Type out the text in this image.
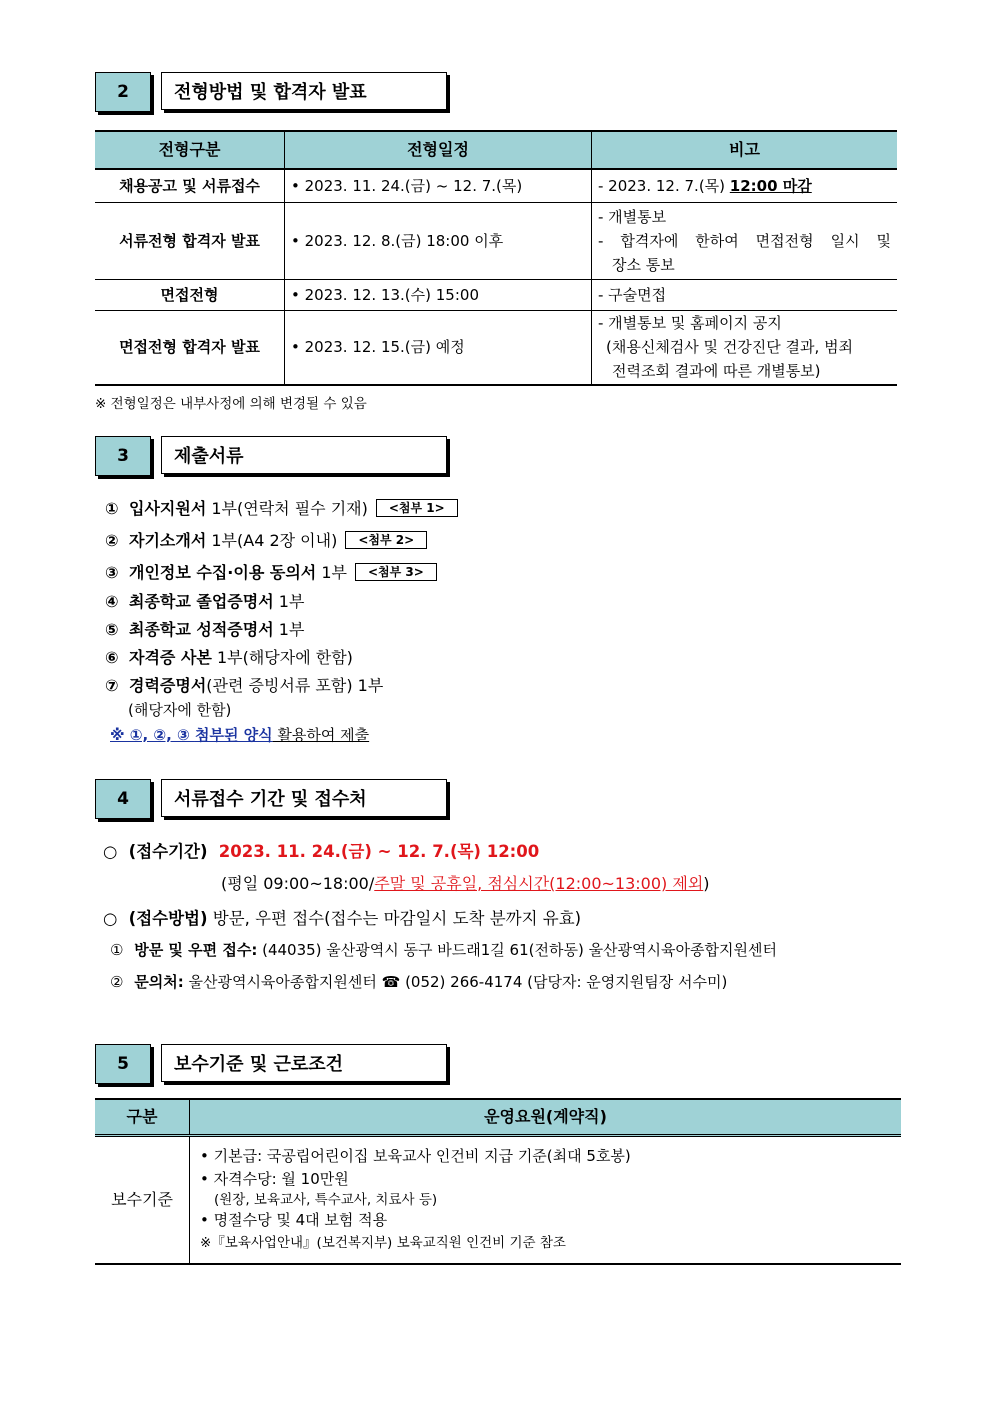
2	전형방법 및 합격자 발표
전형구분	전형일정	비고
채용공고 및 서류접수	• 2023. 11. 24.(금) ~ 12. 7.(목)	- 2023. 12. 7.(목) 12:00 마감
서류전형 합격자 발표	• 2023. 12. 8.(금) 18:00 이후	- 개별통보

- 합격자에 한하여 면접전형 일시 및

장소 통보

면접전형	• 2023. 12. 13.(수) 15:00	- 구술면접

면접전형 합격자 발표	• 2023. 12. 15.(금) 예정	- 개별통보 및 홈페이지 공지

(채용신체검사 및 건강진단 결과, 범죄

전력조회 결과에 따른 개별통보)

※ 전형일정은 내부사정에 의해 변경될 수 있음
3	제출서류
① 입사지원서 1부(연락처 필수 기재) <첨부 1>
② 자기소개서 1부(A4 2장 이내) <첨부 2>
③ 개인정보 수집·이용 동의서 1부 <첨부 3>
④ 최종학교 졸업증명서 1부
⑤ 최종학교 성적증명서 1부
⑥ 자격증 사본 1부(해당자에 한함)
⑦ 경력증명서(관련 증빙서류 포함) 1부
(해당자에 한함)
※ ①, ②, ③ 첨부된 양식 활용하여 제출
4	서류접수 기간 및 접수처
○ (접수기간) 2023. 11. 24.(금) ~ 12. 7.(목) 12:00
(평일 09:00~18:00/주말 및 공휴일, 점심시간(12:00~13:00) 제외)
○ (접수방법) 방문, 우편 접수(접수는 마감일시 도착 분까지 유효)
① 방문 및 우편 접수: (44035) 울산광역시 동구 바드래1길 61(전하동) 울산광역시육아종합지원센터
② 문의처: 울산광역시육아종합지원센터 ☎ (052) 266-4174 (담당자: 운영지원팀장 서수미)
5	보수기준 및 근로조건
구분	운영요원(계약직)
보수기준	• 기본급: 국공립어린이집 보육교사 인건비 지급 기준(최대 5호봉)

• 자격수당: 월 10만원

(원장, 보육교사, 특수교사, 치료사 등)

• 명절수당 및 4대 보험 적용

※『보육사업안내』(보건복지부) 보육교직원 인건비 기준 참조
